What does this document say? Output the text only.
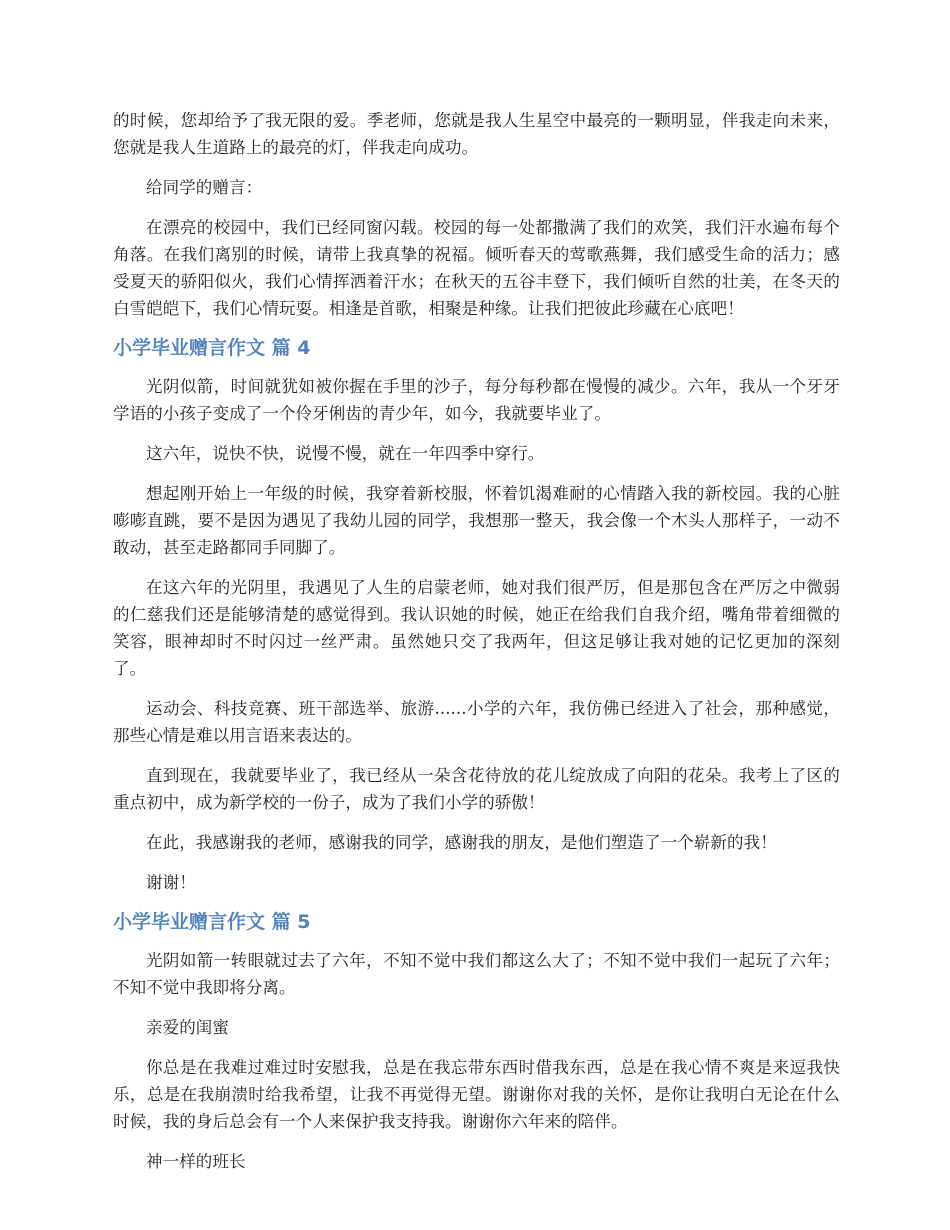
的时候，您却给予了我无限的爱。季老师，您就是我人生星空中最亮的一颗明显，伴我走向未来，您就是我人生道路上的最亮的灯，伴我走向成功。

给同学的赠言：

在漂亮的校园中，我们已经同窗闪载。校园的每一处都撒满了我们的欢笑，我们汗水遍布每个角落。在我们离别的时候，请带上我真挚的祝福。倾听春天的莺歌燕舞，我们感受生命的活力；感受夏天的骄阳似火，我们心情挥洒着汗水；在秋天的五谷丰登下，我们倾听自然的壮美，在冬天的白雪皑皑下，我们心情玩耍。相逢是首歌，相聚是种缘。让我们把彼此珍藏在心底吧！

小学毕业赠言作文 篇 4

光阴似箭，时间就犹如被你握在手里的沙子，每分每秒都在慢慢的减少。六年，我从一个牙牙学语的小孩子变成了一个伶牙俐齿的青少年，如今，我就要毕业了。

这六年，说快不快，说慢不慢，就在一年四季中穿行。

想起刚开始上一年级的时候，我穿着新校服，怀着饥渴难耐的心情踏入我的新校园。我的心脏嘭嘭直跳，要不是因为遇见了我幼儿园的同学，我想那一整天，我会像一个木头人那样子，一动不敢动，甚至走路都同手同脚了。

在这六年的光阴里，我遇见了人生的启蒙老师，她对我们很严厉，但是那包含在严厉之中微弱的仁慈我们还是能够清楚的感觉得到。我认识她的时候，她正在给我们自我介绍，嘴角带着细微的笑容，眼神却时不时闪过一丝严肃。虽然她只交了我两年，但这足够让我对她的记忆更加的深刻了。

运动会、科技竞赛、班干部选举、旅游......小学的六年，我仿佛已经进入了社会，那种感觉，那些心情是难以用言语来表达的。

直到现在，我就要毕业了，我已经从一朵含花待放的花儿绽放成了向阳的花朵。我考上了区的重点初中，成为新学校的一份子，成为了我们小学的骄傲！

在此，我感谢我的老师，感谢我的同学，感谢我的朋友，是他们塑造了一个崭新的我！

谢谢！

小学毕业赠言作文 篇 5

光阴如箭一转眼就过去了六年，不知不觉中我们都这么大了；不知不觉中我们一起玩了六年；不知不觉中我即将分离。

亲爱的闺蜜

你总是在我难过难过时安慰我，总是在我忘带东西时借我东西，总是在我心情不爽是来逗我快乐，总是在我崩溃时给我希望，让我不再觉得无望。谢谢你对我的关怀，是你让我明白无论在什么时候，我的身后总会有一个人来保护我支持我。谢谢你六年来的陪伴。

神一样的班长
